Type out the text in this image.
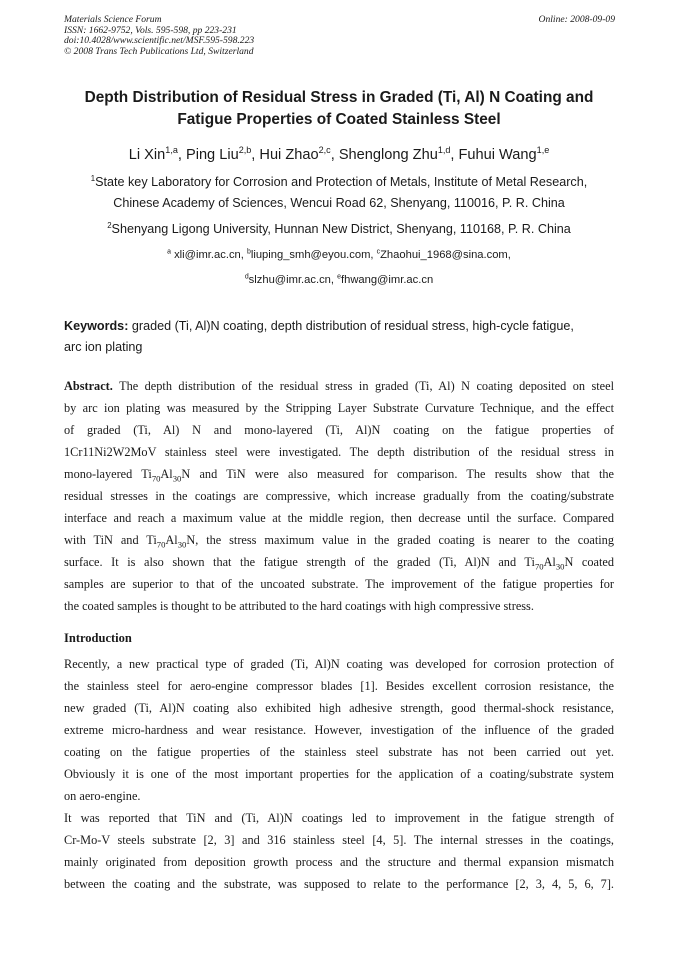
Materials Science Forum
ISSN: 1662-9752, Vols. 595-598, pp 223-231
doi:10.4028/www.scientific.net/MSF.595-598.223
© 2008 Trans Tech Publications Ltd, Switzerland
Online: 2008-09-09
Depth Distribution of Residual Stress in Graded (Ti, Al) N Coating and
Fatigue Properties of Coated Stainless Steel
Li Xin$^{1,a}$, Ping Liu$^{2,b}$, Hui Zhao$^{2,c}$, Shenglong Zhu$^{1,d}$, Fuhui Wang$^{1,e}$
$^1$State key Laboratory for Corrosion and Protection of Metals, Institute of Metal Research,
Chinese Academy of Sciences, Wencui Road 62, Shenyang, 110016, P. R. China
$^2$Shenyang Ligong University, Hunnan New District, Shenyang, 110168, P. R. China
$^a$ xli@imr.ac.cn, $^b$liuping_smh@eyou.com, $^c$Zhaohui_1968@sina.com,
$^d$slzhu@imr.ac.cn, $^e$fhwang@imr.ac.cn
Keywords: graded (Ti, Al)N coating, depth distribution of residual stress, high-cycle fatigue,
arc ion plating
Abstract. The depth distribution of the residual stress in graded (Ti, Al) N coating deposited on steel
by arc ion plating was measured by the Stripping Layer Substrate Curvature Technique, and the effect
of graded (Ti, Al) N and mono-layered (Ti, Al)N coating on the fatigue properties of
1Cr11Ni2W2MoV stainless steel were investigated. The depth distribution of the residual stress in
mono-layered $Ti_{70}Al_{30}N$ and TiN were also measured for comparison. The results show that the
residual stresses in the coatings are compressive, which increase gradually from the coating/substrate
interface and reach a maximum value at the middle region, then decrease until the surface. Compared
with TiN and $Ti_{70}Al_{30}N$, the stress maximum value in the graded coating is nearer to the coating
surface. It is also shown that the fatigue strength of the graded (Ti, Al)N and $Ti_{70}Al_{30}N$ coated
samples are superior to that of the uncoated substrate. The improvement of the fatigue properties for
the coated samples is thought to be attributed to the hard coatings with high compressive stress.
Introduction
Recently, a new practical type of graded (Ti, Al)N coating was developed for corrosion protection of
the stainless steel for aero-engine compressor blades [1]. Besides excellent corrosion resistance, the
new graded (Ti, Al)N coating also exhibited high adhesive strength, good thermal-shock resistance,
extreme micro-hardness and wear resistance. However, investigation of the influence of the graded
coating on the fatigue properties of the stainless steel substrate has not been carried out yet.
Obviously it is one of the most important properties for the application of a coating/substrate system
on aero-engine.
It was reported that TiN and (Ti, Al)N coatings led to improvement in the fatigue strength of
Cr-Mo-V steels substrate [2, 3] and 316 stainless steel [4, 5]. The internal stresses in the coatings,
mainly originated from deposition growth process and the structure and thermal expansion mismatch
between the coating and the substrate, was supposed to relate to the performance [2, 3, 4, 5, 6, 7].
